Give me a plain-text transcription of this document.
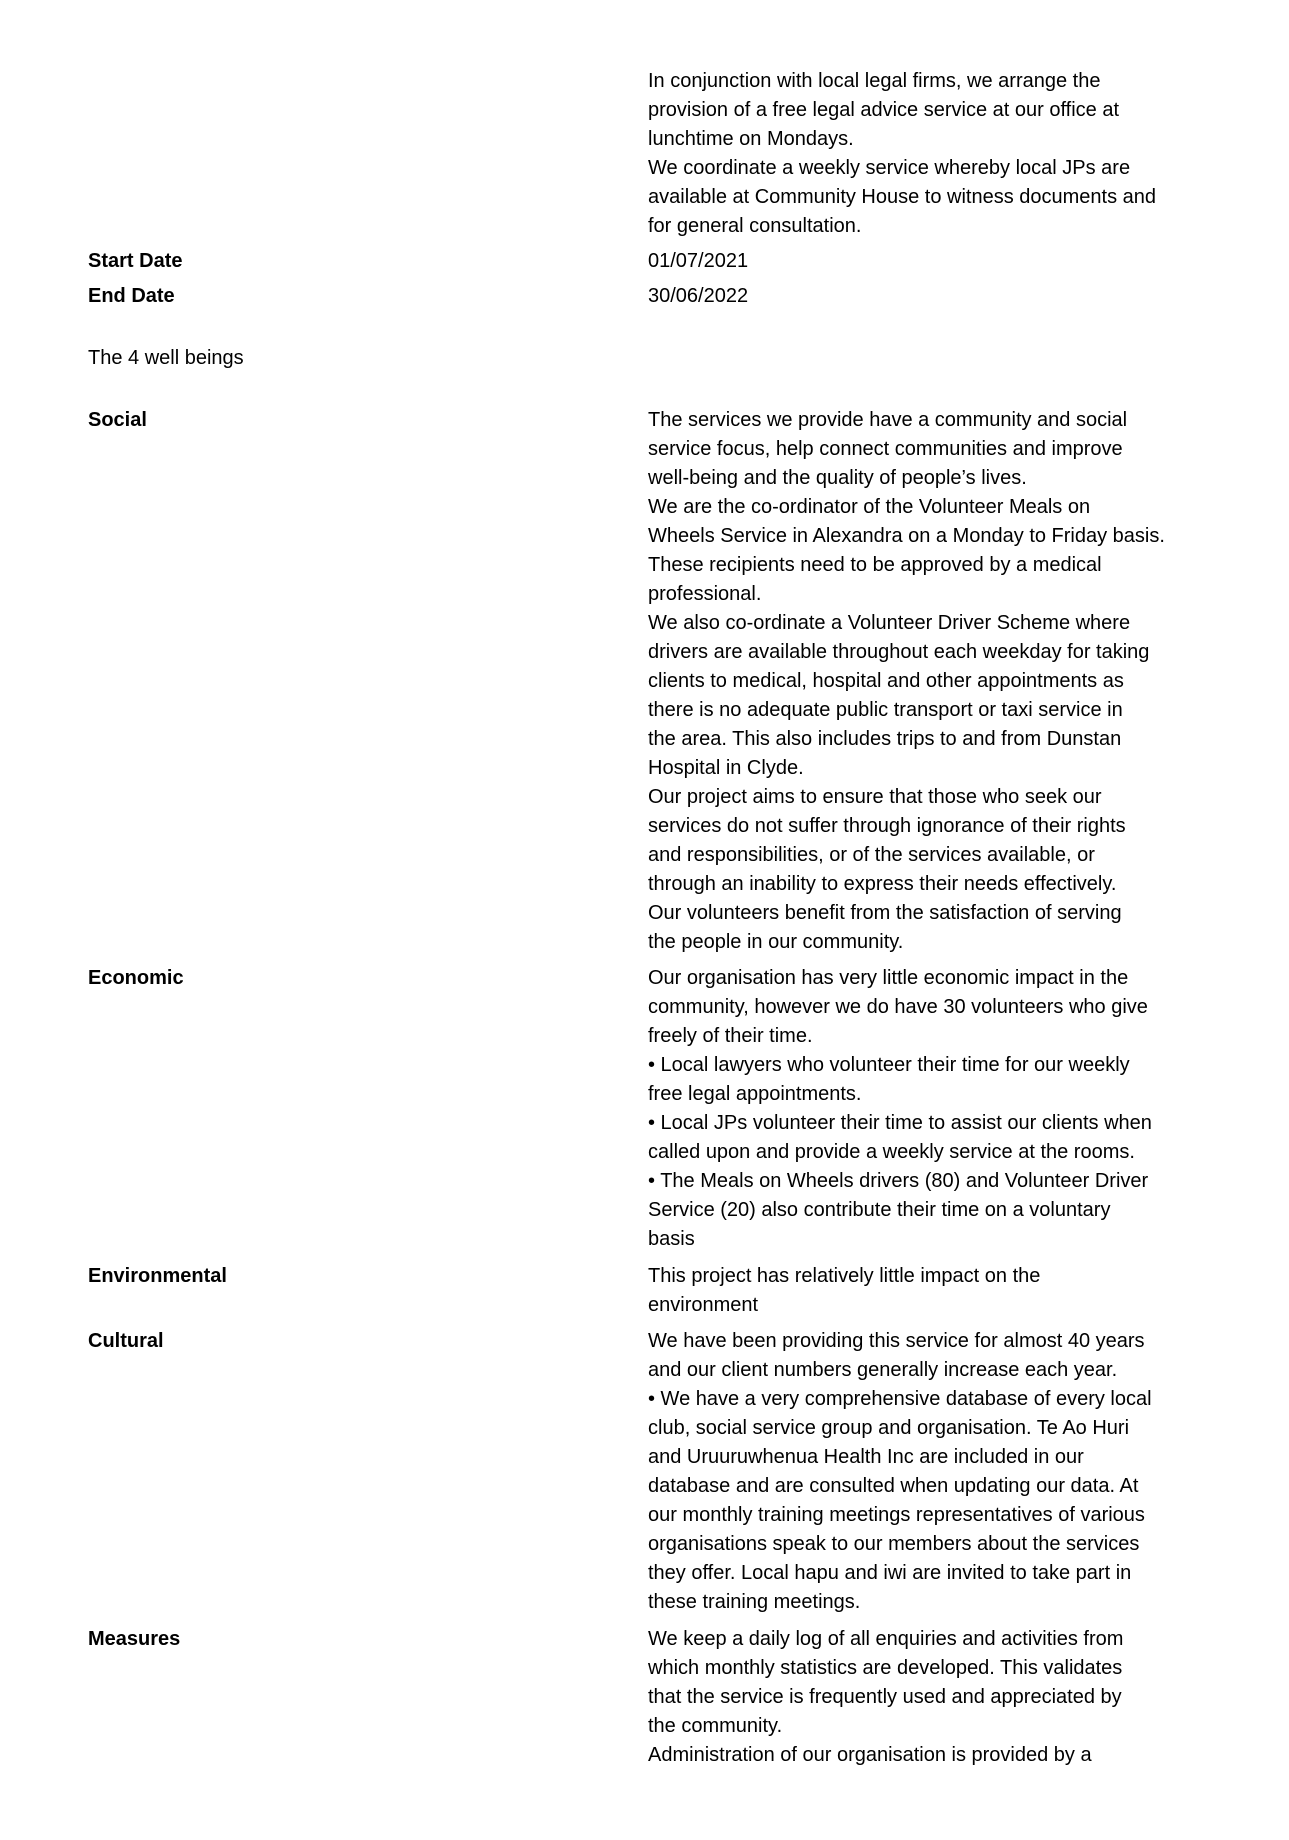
In conjunction with local legal firms, we arrange the
provision of a free legal advice service at our office at
lunchtime on Mondays.
We coordinate a weekly service whereby local JPs are
available at Community House to witness documents and
for general consultation.
Start Date	01/07/2021
End Date	30/06/2022
The 4 well beings
Social	The services we provide have a community and social
service focus, help connect communities and improve
well-being and the quality of people’s lives.
We are the co-ordinator of the Volunteer Meals on
Wheels Service in Alexandra on a Monday to Friday basis.
These recipients need to be approved by a medical
professional.
We also co-ordinate a Volunteer Driver Scheme where
drivers are available throughout each weekday for taking
clients to medical, hospital and other appointments as
there is no adequate public transport or taxi service in
the area. This also includes trips to and from Dunstan
Hospital in Clyde.
Our project aims to ensure that those who seek our
services do not suffer through ignorance of their rights
and responsibilities, or of the services available, or
through an inability to express their needs effectively.
Our volunteers benefit from the satisfaction of serving
the people in our community.
Economic	Our organisation has very little economic impact in the
community, however we do have 30 volunteers who give
freely of their time.
• Local lawyers who volunteer their time for our weekly
free legal appointments.
• Local JPs volunteer their time to assist our clients when
called upon and provide a weekly service at the rooms.
• The Meals on Wheels drivers (80) and Volunteer Driver
Service (20) also contribute their time on a voluntary
basis
Environmental	This project has relatively little impact on the
environment
Cultural	We have been providing this service for almost 40 years
and our client numbers generally increase each year.
• We have a very comprehensive database of every local
club, social service group and organisation. Te Ao Huri
and Uruuruwhenua Health Inc are included in our
database and are consulted when updating our data. At
our monthly training meetings representatives of various
organisations speak to our members about the services
they offer. Local hapu and iwi are invited to take part in
these training meetings.
Measures	We keep a daily log of all enquiries and activities from
which monthly statistics are developed. This validates
that the service is frequently used and appreciated by
the community.
Administration of our organisation is provided by a
